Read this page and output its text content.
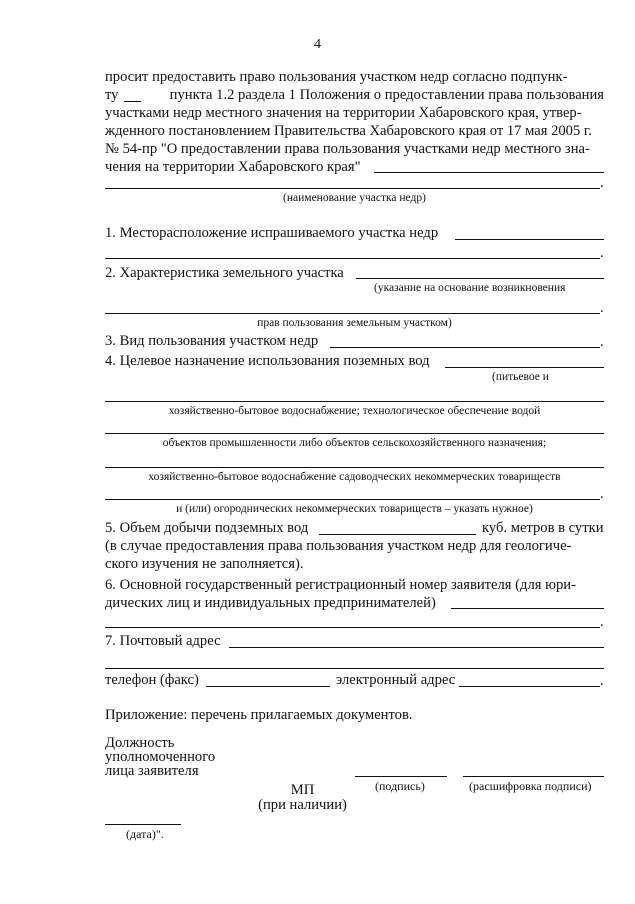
4
просит предоставить право пользования участком недр согласно подпунк-
ту	пункта 1.2 раздела 1 Положения о предоставлении права пользования
участками недр местного значения на территории Хабаровского края, утвер-
жденного постановлением Правительства Хабаровского края от 17 мая 2005 г.
№ 54-пр "О предоставлении права пользования участками недр местного зна-
чения на территории Хабаровского края"
.
(наименование участка недр)
1. Месторасположение испрашиваемого участка недр
.
2. Характеристика земельного участка
(указание на основание возникновения
.
прав пользования земельным участком)
3. Вид пользования участком недр	.
4. Целевое назначение использования поземных вод
(питьевое и
хозяйственно-бытовое водоснабжение; технологическое обеспечение водой
объектов промышленности либо объектов сельскохозяйственного назначения;
хозяйственно-бытовое водоснабжение садоводческих некоммерческих товариществ
.
и (или) огороднических некоммерческих товариществ – указать нужное)
5. Объем добычи подземных вод	куб. метров в сутки
(в случае предоставления права пользования участком недр для геологиче-
ского изучения не заполняется).
6. Основной государственный регистрационный номер заявителя (для юри-
дических лиц и индивидуальных предпринимателей)
.
7. Почтовый адрес
телефон (факс)	электронный адрес	.
Приложение: перечень прилагаемых документов.
Должность
уполномоченного
лица заявителя
(подпись)	(расшифровка подписи)
МП
(при наличии)
(дата)".
